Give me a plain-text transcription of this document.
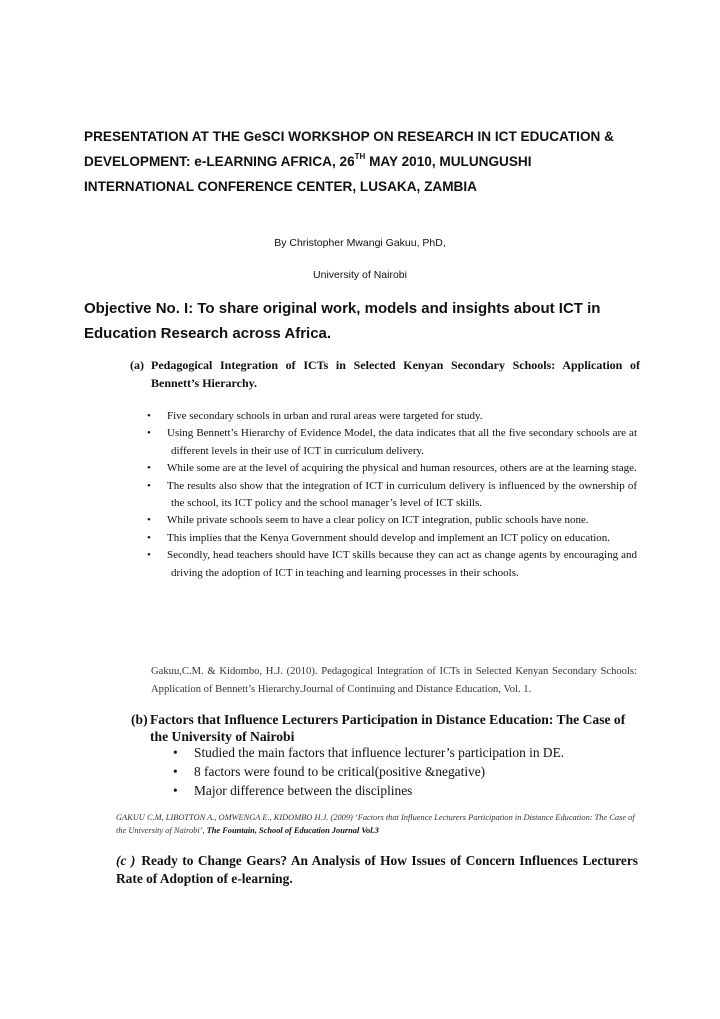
PRESENTATION AT THE GeSCI WORKSHOP ON RESEARCH IN ICT EDUCATION &
DEVELOPMENT: e-LEARNING AFRICA, 26TH MAY 2010, MULUNGUSHI
INTERNATIONAL CONFERENCE CENTER, LUSAKA, ZAMBIA
By Christopher Mwangi Gakuu, PhD,
University of Nairobi
Objective No. I: To share original work, models and insights about ICT in
Education Research across Africa.
(a) Pedagogical Integration of ICTs in Selected Kenyan Secondary Schools: Application of Bennett’s Hierarchy.
• Five secondary schools in urban and rural areas were targeted for study.
• Using Bennett’s Hierarchy of Evidence Model, the data indicates that all the five secondary schools are at different levels in their use of ICT in curriculum delivery.
• While some are at the level of acquiring the physical and human resources, others are at the learning stage.
• The results also show that the integration of ICT in curriculum delivery is influenced by the ownership of the school, its ICT policy and the school manager’s level of ICT skills.
• While private schools seem to have a clear policy on ICT integration, public schools have none.
• This implies that the Kenya Government should develop and implement an ICT policy on education.
• Secondly, head teachers should have ICT skills because they can act as change agents by encouraging and driving the adoption of ICT in teaching and learning processes in their schools.
Gakuu,C.M. & Kidombo, H.J. (2010). Pedagogical Integration of ICTs in Selected Kenyan Secondary Schools: Application of Bennett’s Hierarchy.Journal of Continuing and Distance Education, Vol. 1.
(b) Factors that Influence Lecturers Participation in Distance Education: The Case of the University of Nairobi
• Studied the main factors that influence lecturer’s participation in DE.
• 8 factors were found to be critical(positive &negative)
• Major difference between the disciplines
GAKUU C.M, LIBOTTON A., OMWENGA E., KIDOMBO H.J. (2009) ‘Factors that Influence Lecturers Participation in Distance Education: The Case of the University of Nairobi’, The Fountain, School of Education Journal Vol.3
(c ) Ready to Change Gears? An Analysis of How Issues of Concern Influences Lecturers Rate of Adoption of e-learning.
